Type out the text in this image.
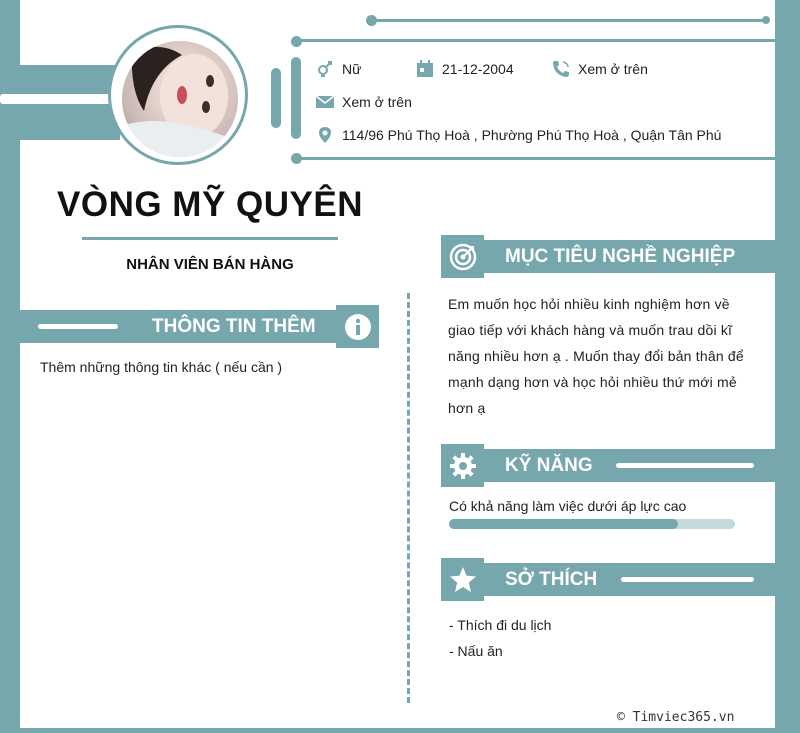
Nữ	21-12-2004	Xem ở trên
Xem ở trên
114/96 Phú Thọ Hoà , Phường Phú Thọ Hoà , Quận Tân Phú
VÒNG MỸ QUYÊN
NHÂN VIÊN BÁN HÀNG
THÔNG TIN THÊM
Thêm những thông tin khác ( nếu cần )
MỤC TIÊU NGHỀ NGHIỆP
Em muốn học hỏi nhiều kinh nghiệm hơn về giao tiếp với khách hàng và muốn trau dồi kĩ năng nhiều hơn ạ . Muốn thay đổi bản thân để mạnh dạng hơn và học hỏi nhiều thứ mới mẻ hơn ạ
KỸ NĂNG
Có khả năng làm việc dưới áp lực cao
SỞ THÍCH
- Thích đi du lịch
- Nấu ăn
© Timviec365.vn
